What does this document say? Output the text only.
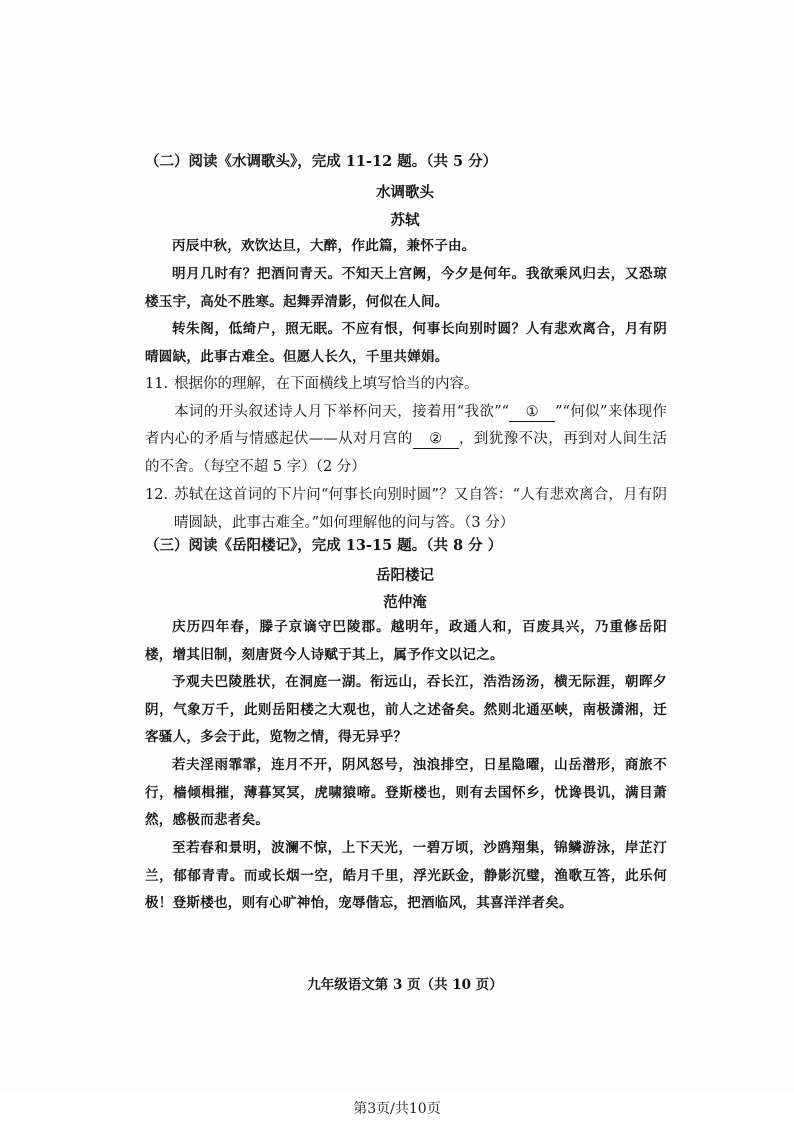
（二）阅读《水调歌头》，完成 11-12 题。（共 5 分）
水调歌头
苏轼
丙辰中秋，欢饮达旦，大醉，作此篇，兼怀子由。
明月几时有？把酒问青天。不知天上宫阙，今夕是何年。我欲乘风归去，又恐琼楼玉宇，高处不胜寒。起舞弄清影，何似在人间。
转朱阁，低绮户，照无眠。不应有恨，何事长向别时圆？人有悲欢离合，月有阴晴圆缺，此事古难全。但愿人长久，千里共婵娟。
11. 根据你的理解，在下面横线上填写恰当的内容。
本词的开头叙述诗人月下举杯问天，接着用“我欲”“ ① ”“何似”来体现作者内心的矛盾与情感起伏——从对月宫的 ② ，到犹豫不决，再到对人间生活的不舍。（每空不超 5 字）（2 分）
12. 苏轼在这首词的下片问“何事长向别时圆”？又自答：“人有悲欢离合，月有阴晴圆缺，此事古难全。”如何理解他的问与答。（3 分）
（三）阅读《岳阳楼记》，完成 13-15 题。（共 8 分 ）
岳阳楼记
范仲淹
庆历四年春，滕子京谪守巴陵郡。越明年，政通人和，百废具兴，乃重修岳阳楼，增其旧制，刻唐贤今人诗赋于其上，属予作文以记之。
予观夫巴陵胜状，在洞庭一湖。衔远山，吞长江，浩浩汤汤，横无际涯，朝晖夕阴，气象万千，此则岳阳楼之大观也，前人之述备矣。然则北通巫峡，南极潇湘，迁客骚人，多会于此，览物之情，得无异乎？
若夫淫雨霏霏，连月不开，阴风怒号，浊浪排空，日星隐曜，山岳潜形，商旅不行，樯倾楫摧，薄暮冥冥，虎啸猿啼。登斯楼也，则有去国怀乡，忧谗畏讥，满目萧然，感极而悲者矣。
至若春和景明，波澜不惊，上下天光，一碧万顷，沙鸥翔集，锦鳞游泳，岸芷汀兰，郁郁青青。而或长烟一空，皓月千里，浮光跃金，静影沉璧，渔歌互答，此乐何极！登斯楼也，则有心旷神怡，宠辱偕忘，把酒临风，其喜洋洋者矣。
九年级语文第 3 页（共 10 页）
第3页/共10页
